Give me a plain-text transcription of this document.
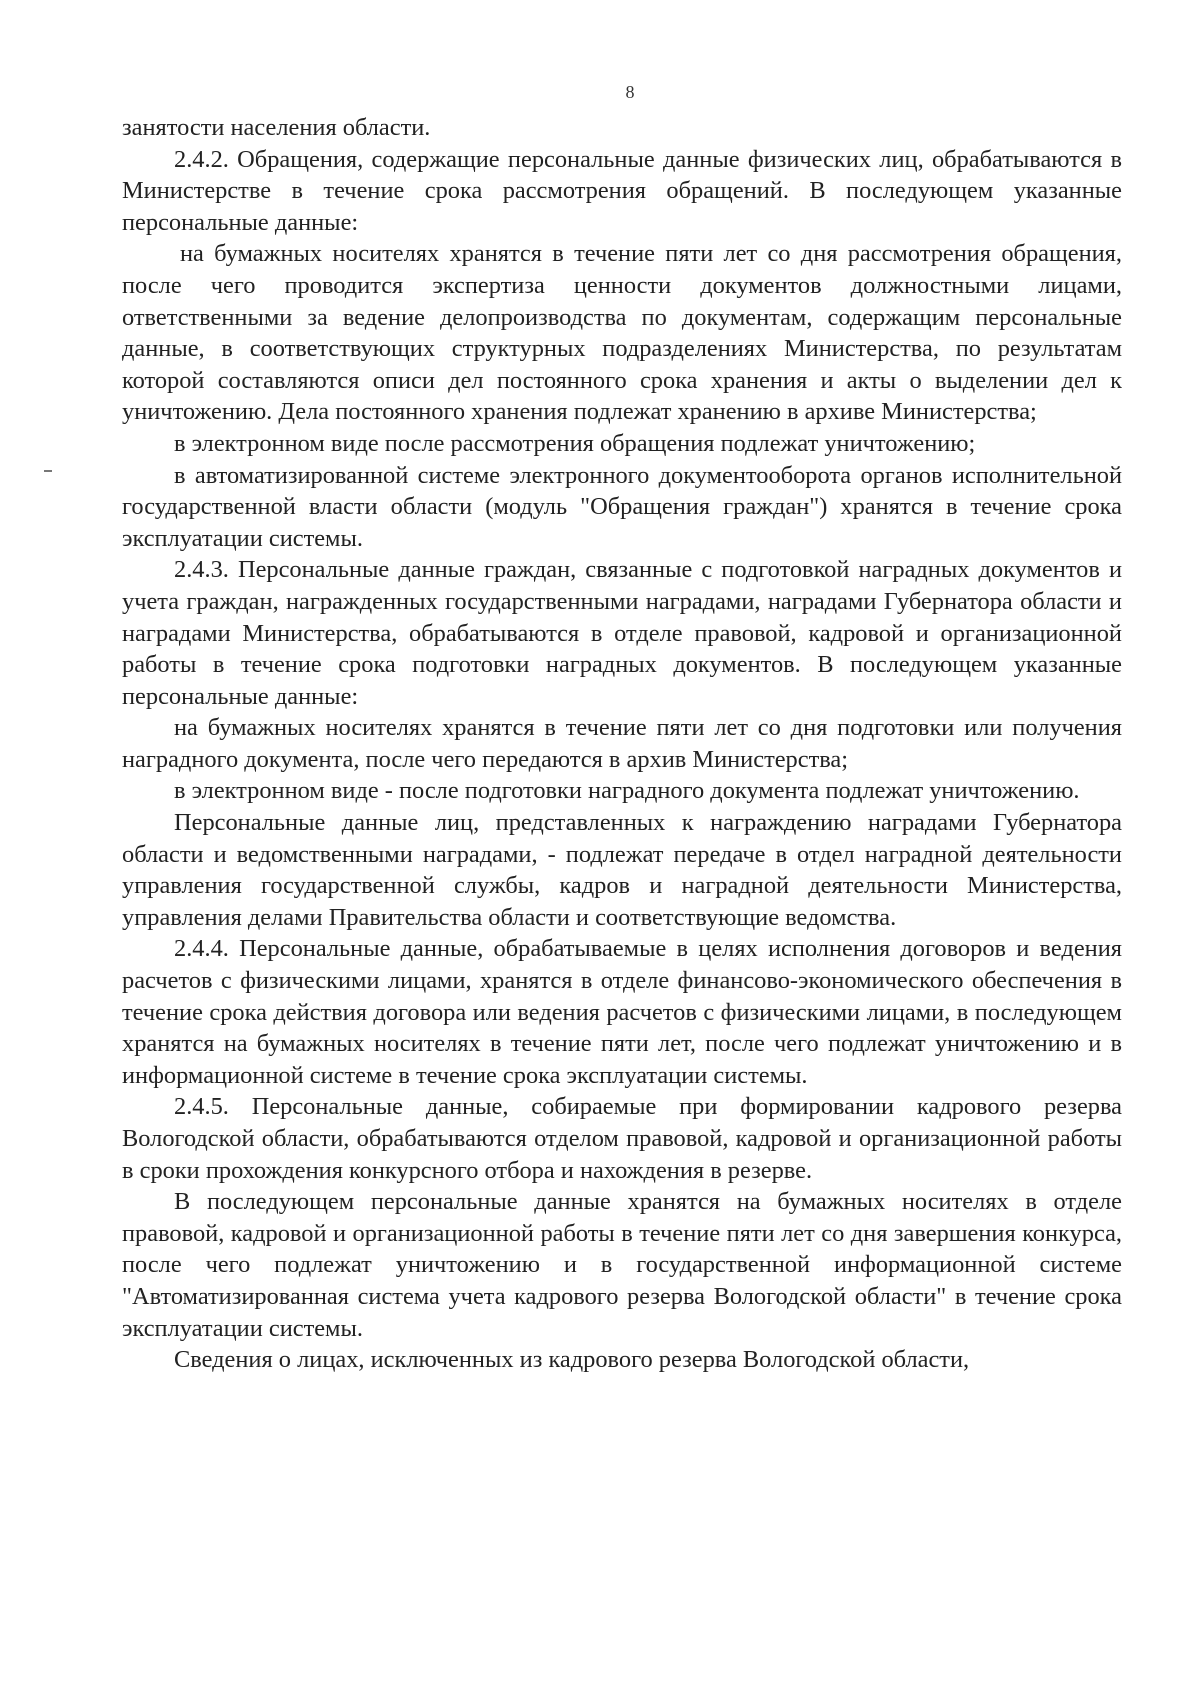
8

занятости населения области.

2.4.2. Обращения, содержащие персональные данные физических лиц, обрабатываются в Министерстве в течение срока рассмотрения обращений. В последующем указанные персональные данные:

на бумажных носителях хранятся в течение пяти лет со дня рассмотрения обращения, после чего проводится экспертиза ценности документов должностными лицами, ответственными за ведение делопроизводства по документам, содержащим персональные данные, в соответствующих структурных подразделениях Министерства, по результатам которой составляются описи дел постоянного срока хранения и акты о выделении дел к уничтожению. Дела постоянного хранения подлежат хранению в архиве Министерства;

в электронном виде после рассмотрения обращения подлежат уничтожению;

в автоматизированной системе электронного документооборота органов исполнительной государственной власти области (модуль "Обращения граждан") хранятся в течение срока эксплуатации системы.

2.4.3. Персональные данные граждан, связанные с подготовкой наградных документов и учета граждан, награжденных государственными наградами, наградами Губернатора области и наградами Министерства, обрабатываются в отделе правовой, кадровой и организационной работы в течение срока подготовки наградных документов. В последующем указанные персональные данные:

на бумажных носителях хранятся в течение пяти лет со дня подготовки или получения наградного документа, после чего передаются в архив Министерства;

в электронном виде - после подготовки наградного документа подлежат уничтожению.

Персональные данные лиц, представленных к награждению наградами Губернатора области и ведомственными наградами, - подлежат передаче в отдел наградной деятельности управления государственной службы, кадров и наградной деятельности Министерства, управления делами Правительства области и соответствующие ведомства.

2.4.4. Персональные данные, обрабатываемые в целях исполнения договоров и ведения расчетов с физическими лицами, хранятся в отделе финансово-экономического обеспечения в течение срока действия договора или ведения расчетов с физическими лицами, в последующем хранятся на бумажных носителях в течение пяти лет, после чего подлежат уничтожению и в информационной системе в течение срока эксплуатации системы.

2.4.5. Персональные данные, собираемые при формировании кадрового резерва Вологодской области, обрабатываются отделом правовой, кадровой и организационной работы в сроки прохождения конкурсного отбора и нахождения в резерве.

В последующем персональные данные хранятся на бумажных носителях в отделе правовой, кадровой и организационной работы в течение пяти лет со дня завершения конкурса, после чего подлежат уничтожению и в государственной информационной системе "Автоматизированная система учета кадрового резерва Вологодской области" в течение срока эксплуатации системы.

Сведения о лицах, исключенных из кадрового резерва Вологодской области,
